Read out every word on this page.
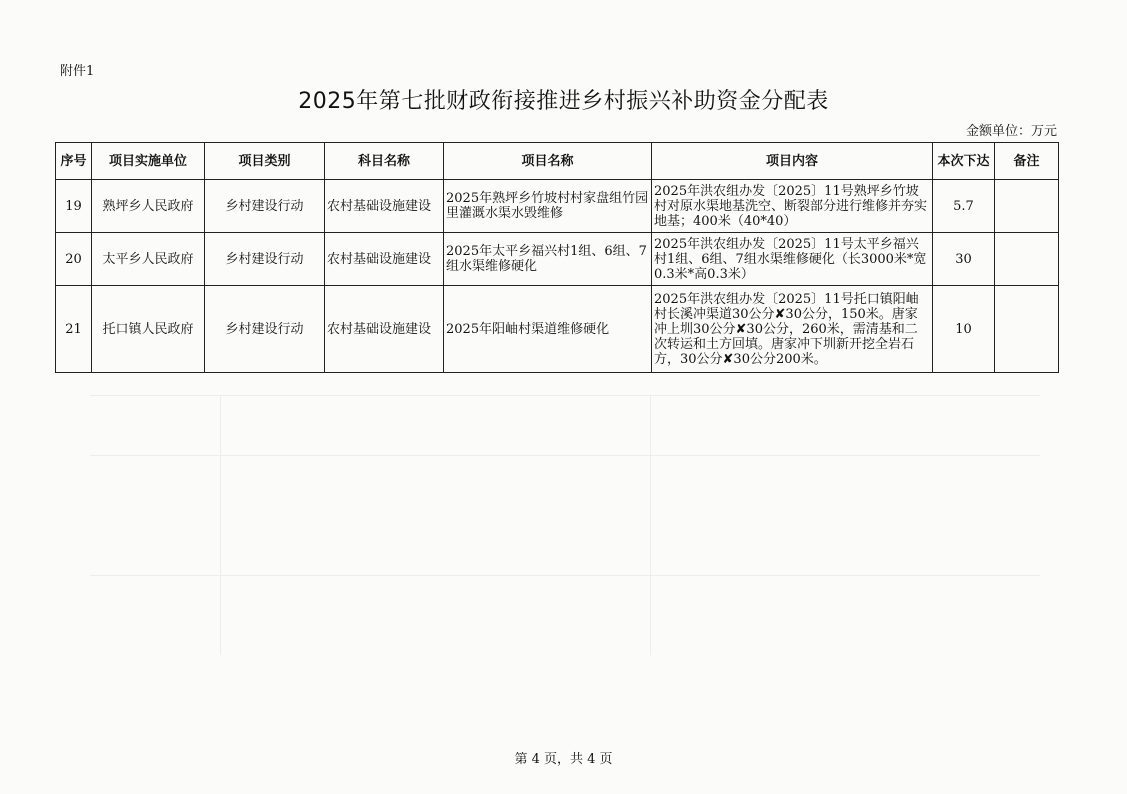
附件1
2025年第七批财政衔接推进乡村振兴补助资金分配表
金额单位：万元
序号	项目实施单位	项目类别	科目名称	项目名称	项目内容	本次下达	备注
19	熟坪乡人民政府	乡村建设行动	农村基础设施建设	2025年熟坪乡竹坡村村家盘组竹园里灌溉水渠水毁维修	2025年洪农组办发〔2025〕11号熟坪乡竹坡村对原水渠地基洗空、断裂部分进行维修并夯实地基；400米（40*40）	5.7	
20	太平乡人民政府	乡村建设行动	农村基础设施建设	2025年太平乡福兴村1组、6组、7组水渠维修硬化	2025年洪农组办发〔2025〕11号太平乡福兴村1组、6组、7组水渠维修硬化（长3000米*宽0.3米*高0.3米）	30	
21	托口镇人民政府	乡村建设行动	农村基础设施建设	2025年阳岫村渠道维修硬化	2025年洪农组办发〔2025〕11号托口镇阳岫村长溪冲渠道30公分✘30公分，150米。唐家冲上圳30公分✘30公分，260米，需清基和二次转运和土方回填。唐家冲下圳新开挖全岩石方，30公分✘30公分200米。	10	
第 4 页，共 4 页
